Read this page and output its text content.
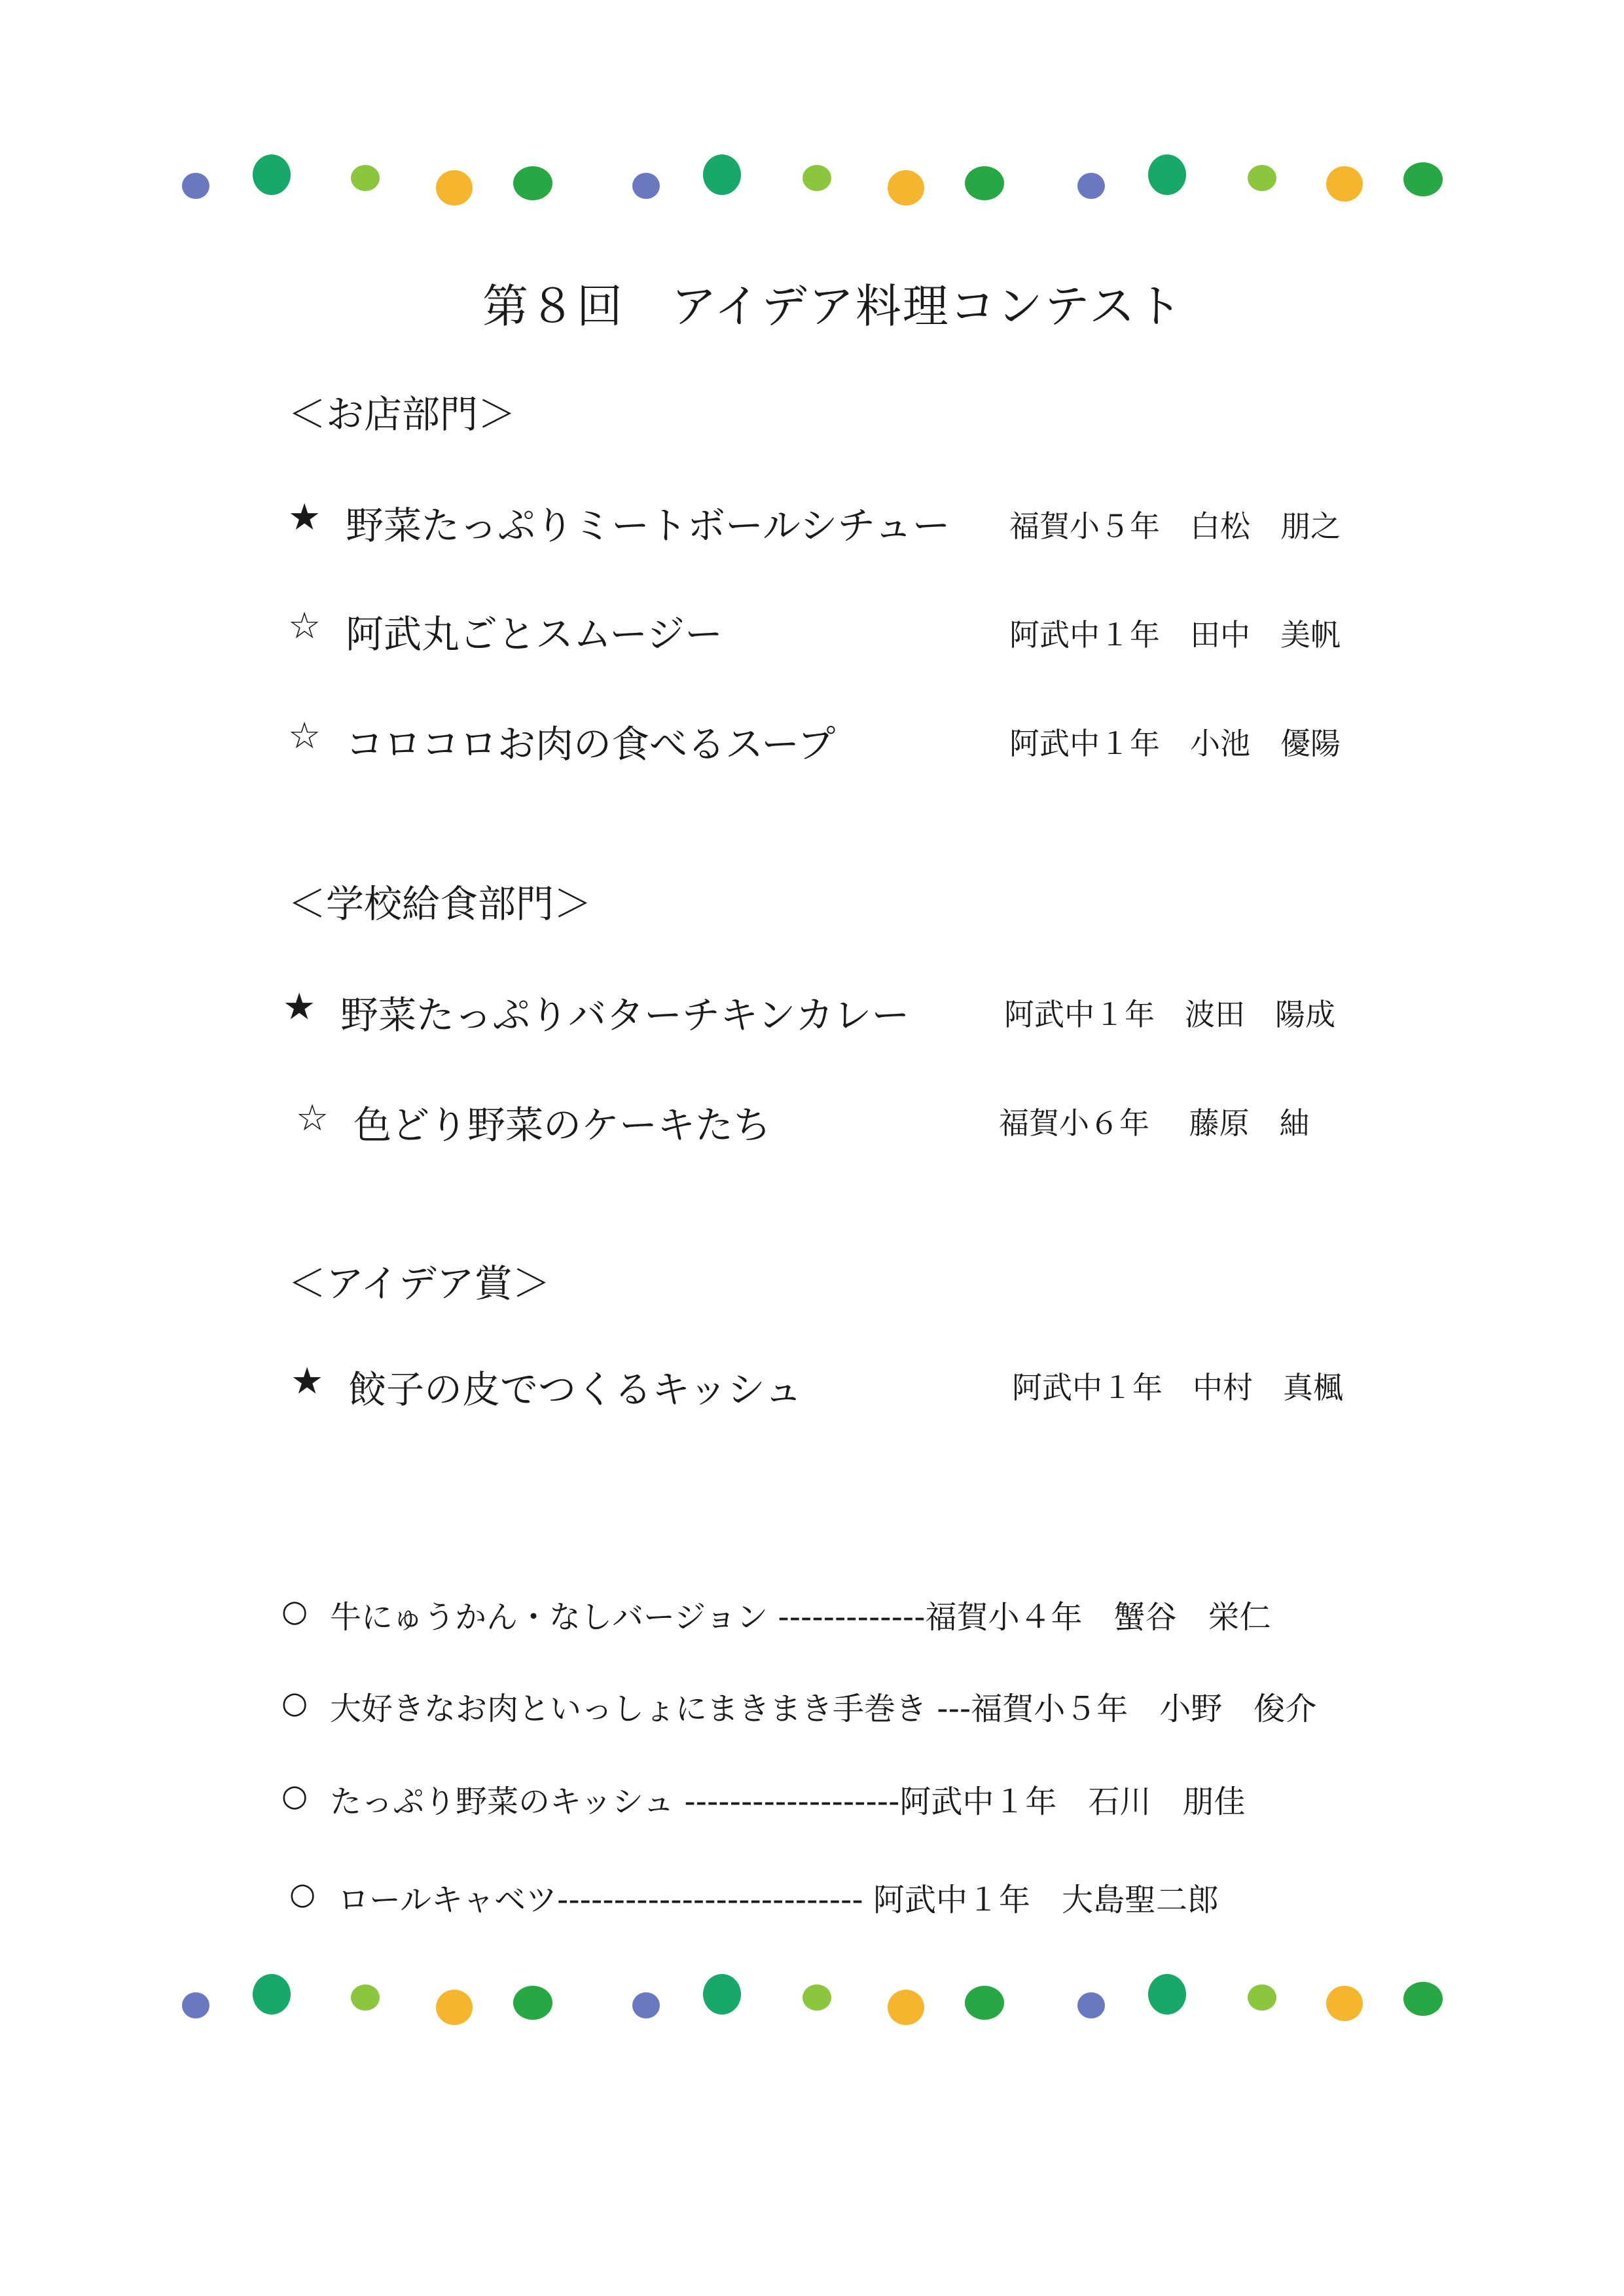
第８回　アイデア料理コンテスト
＜お店部門＞
★ 野菜たっぷりミートボールシチュー 福賀小５年　白松　朋之
☆ 阿武丸ごとスムージー	阿武中１年　田中　美帆
☆ コロコロお肉の食べるスープ	阿武中１年　小池　優陽
＜学校給食部門＞
★ 野菜たっぷりバターチキンカレー	阿武中１年　波田　陽成
☆ 色どり野菜のケーキたち	福賀小６年　 藤原　紬
＜アイデア賞＞
★ 餃子の皮でつくるキッシュ	阿武中１年　中村　真楓
○ 牛にゅうかん・なしバージョン -------------福賀小４年　蟹谷　栄仁
○ 大好きなお肉といっしょにまきまき手巻き ---福賀小５年　小野　俊介
○ たっぷり野菜のキッシュ -------------------阿武中１年　石川　朋佳
○ ロールキャベツ--------------------------- 阿武中１年　大島聖二郎
